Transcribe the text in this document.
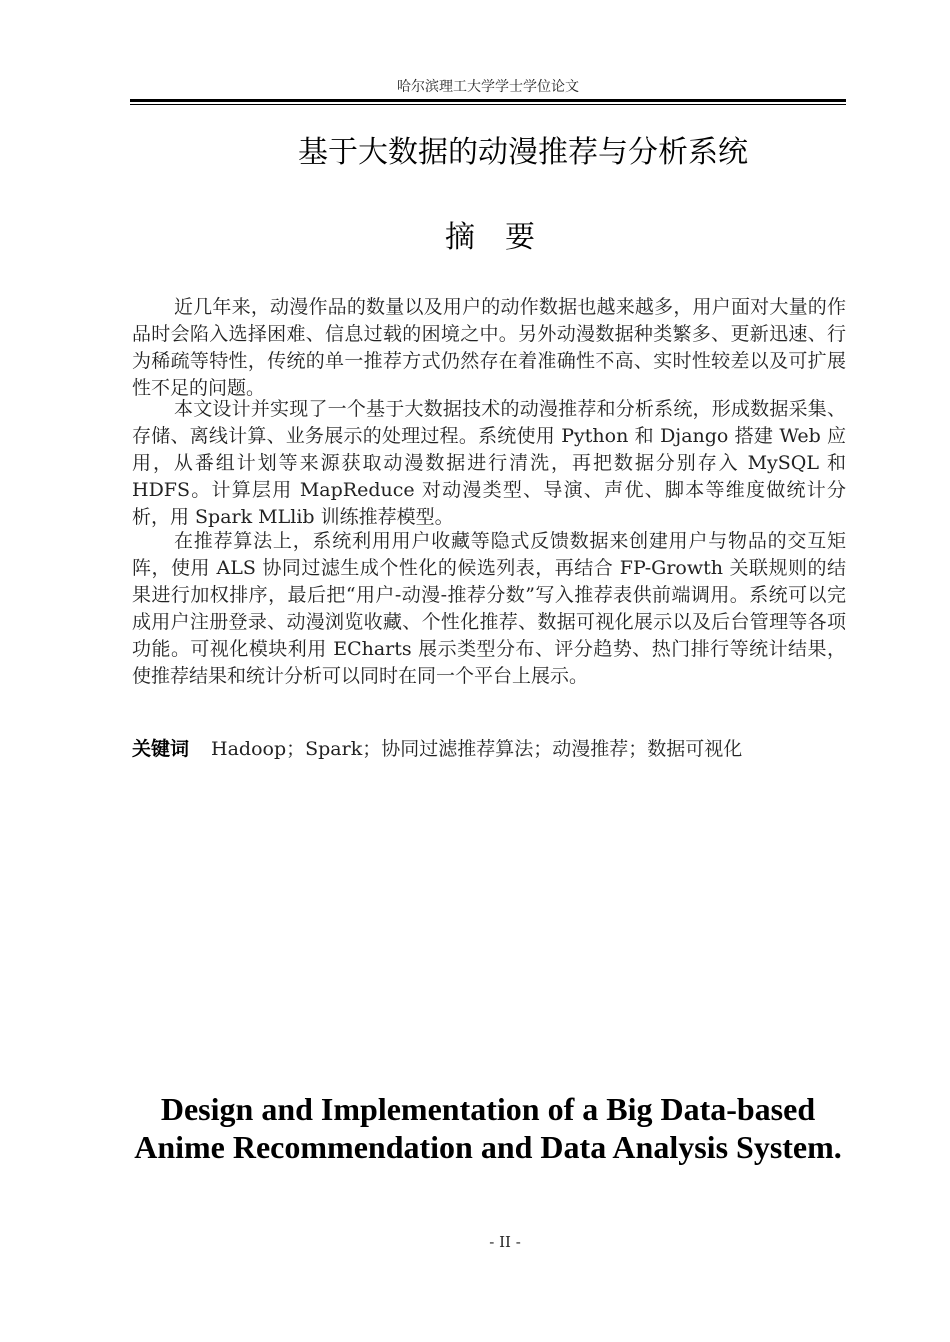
哈尔滨理工大学学士学位论文
基于大数据的动漫推荐与分析系统
摘　要

近几年来，动漫作品的数量以及用户的动作数据也越来越多，用户面对大量的作品时会陷入选择困难、信息过载的困境之中。另外动漫数据种类繁多、更新迅速、行为稀疏等特性，传统的单一推荐方式仍然存在着准确性不高、实时性较差以及可扩展性不足的问题。

本文设计并实现了一个基于大数据技术的动漫推荐和分析系统，形成数据采集、存储、离线计算、业务展示的处理过程。系统使用 Python 和 Django 搭建 Web 应用，从番组计划等来源获取动漫数据进行清洗，再把数据分别存入 MySQL 和 HDFS。计算层用 MapReduce 对动漫类型、导演、声优、脚本等维度做统计分析，用 Spark MLlib 训练推荐模型。

在推荐算法上，系统利用用户收藏等隐式反馈数据来创建用户与物品的交互矩阵，使用 ALS 协同过滤生成个性化的候选列表，再结合 FP-Growth 关联规则的结果进行加权排序，最后把“用户-动漫-推荐分数”写入推荐表供前端调用。系统可以完成用户注册登录、动漫浏览收藏、个性化推荐、数据可视化展示以及后台管理等各项功能。可视化模块利用 ECharts 展示类型分布、评分趋势、热门排行等统计结果，使推荐结果和统计分析可以同时在同一个平台上展示。

关键词 Hadoop；Spark；协同过滤推荐算法；动漫推荐；数据可视化
Design and Implementation of a Big Data-based Anime Recommendation and Data Analysis System.
- II -
